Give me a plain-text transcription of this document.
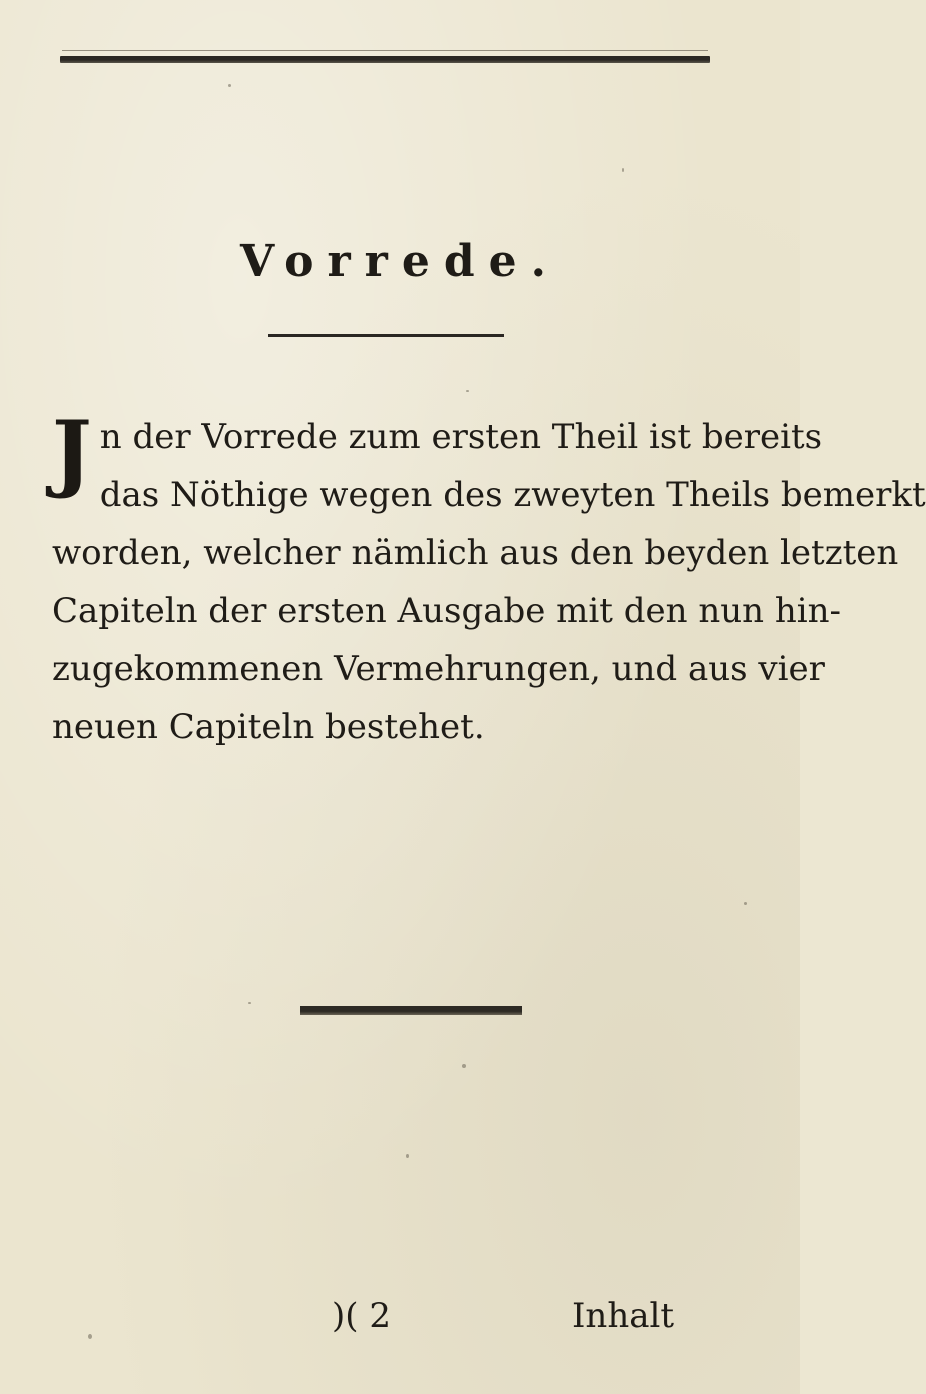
Vorrede.
J n der Vorrede zum ersten Theil ist bereits
das Nöthige wegen des zweyten Theils bemerkt
worden, welcher nämlich aus den beyden letzten
Capiteln der ersten Ausgabe mit den nun hin-
zugekommenen Vermehrungen, und aus vier
neuen Capiteln bestehet.
)( 2	Inhalt
